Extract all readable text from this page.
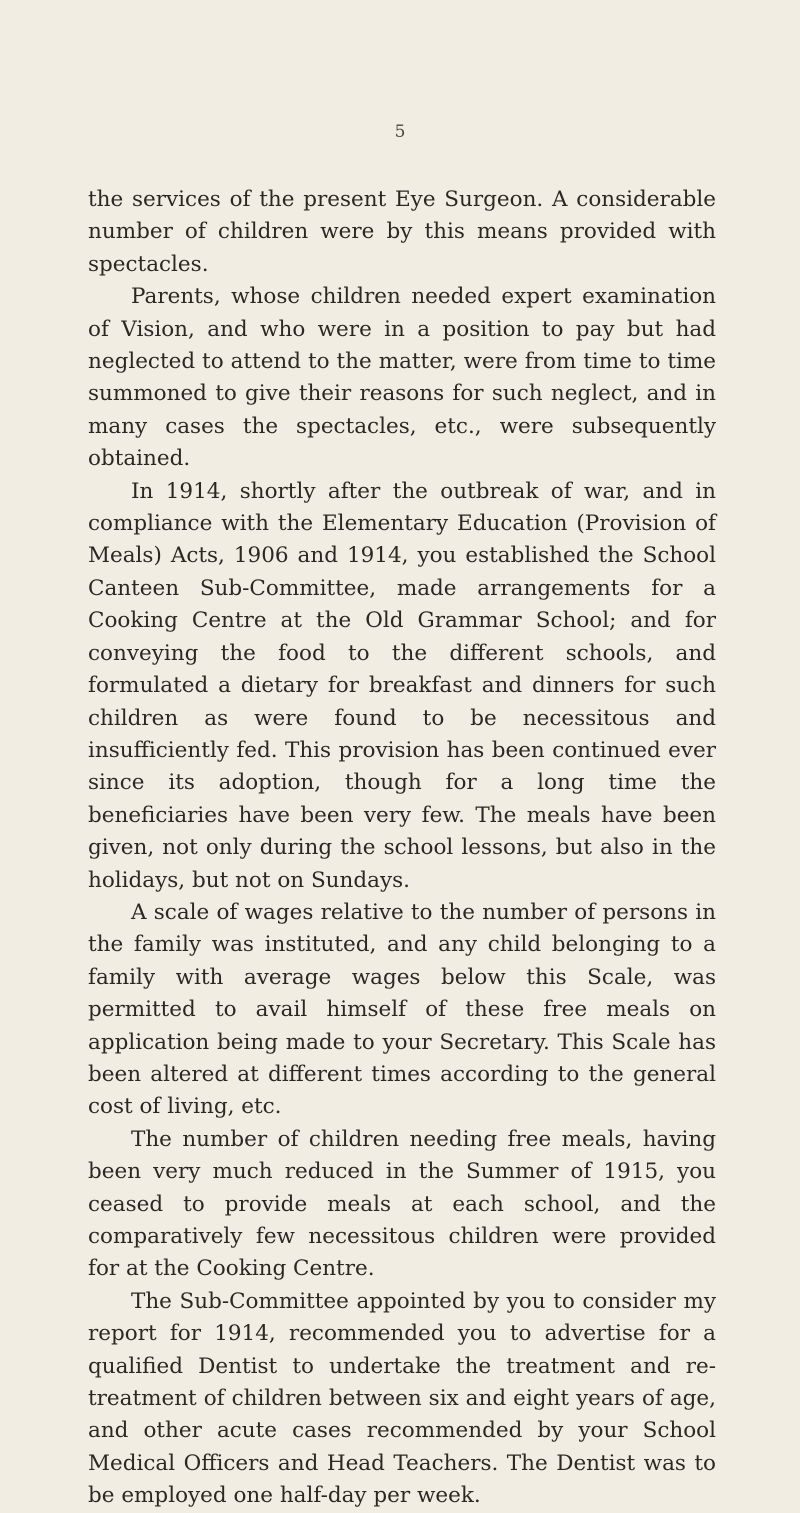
5

the services of the present Eye Surgeon. A considerable number of children were by this means provided with spectacles.

Parents, whose children needed expert examination of Vision, and who were in a position to pay but had neglected to attend to the matter, were from time to time summoned to give their reasons for such neglect, and in many cases the spectacles, etc., were subsequently obtained.

In 1914, shortly after the outbreak of war, and in compliance with the Elementary Education (Provision of Meals) Acts, 1906 and 1914, you established the School Canteen Sub-Committee, made arrangements for a Cooking Centre at the Old Grammar School; and for conveying the food to the different schools, and formulated a dietary for breakfast and dinners for such children as were found to be necessitous and insufficiently fed. This provision has been continued ever since its adoption, though for a long time the beneficiaries have been very few. The meals have been given, not only during the school lessons, but also in the holidays, but not on Sundays.

A scale of wages relative to the number of persons in the family was instituted, and any child belonging to a family with average wages below this Scale, was permitted to avail himself of these free meals on application being made to your Secretary. This Scale has been altered at different times according to the general cost of living, etc.

The number of children needing free meals, having been very much reduced in the Summer of 1915, you ceased to provide meals at each school, and the comparatively few necessitous children were provided for at the Cooking Centre.

The Sub-Committee appointed by you to consider my report for 1914, recommended you to advertise for a qualified Dentist to undertake the treatment and re-treatment of children between six and eight years of age, and other acute cases recommended by your School Medical Officers and Head Teachers. The Dentist was to be employed one half-day per week.
